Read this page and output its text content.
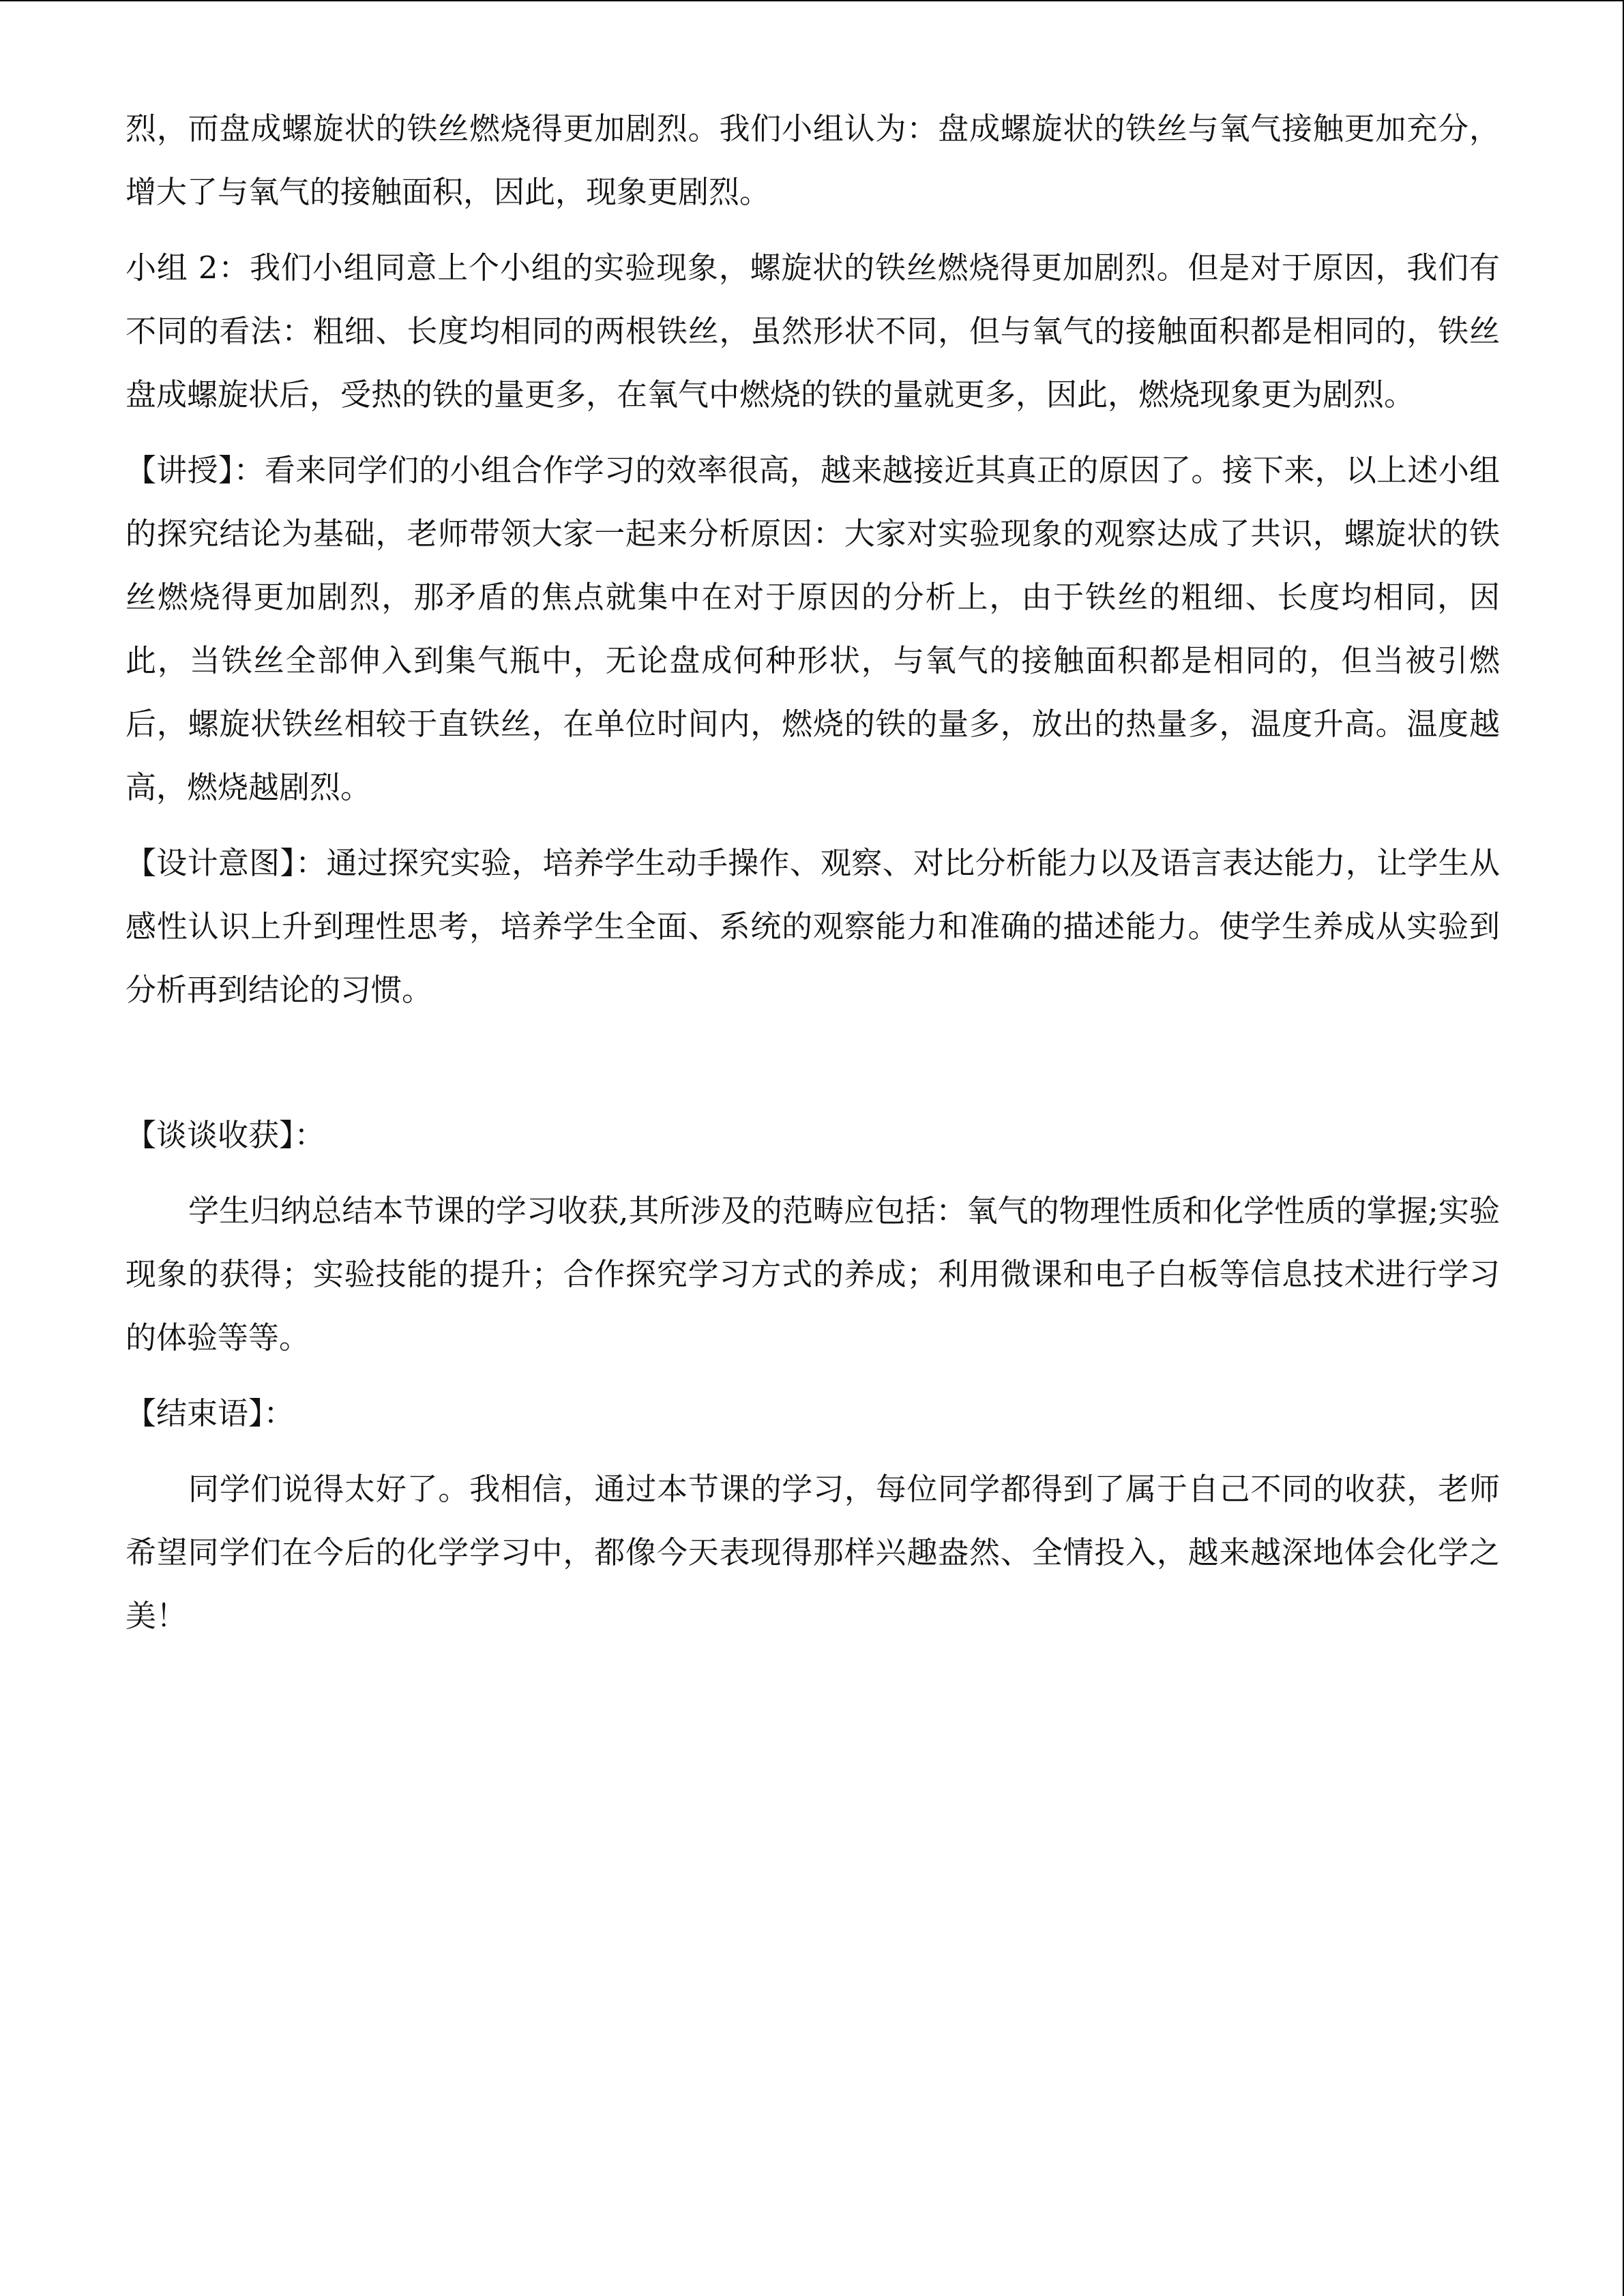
烈，而盘成螺旋状的铁丝燃烧得更加剧烈。我们小组认为：盘成螺旋状的铁丝与氧气接触更加充分，增大了与氧气的接触面积，因此，现象更剧烈。

小组 2：我们小组同意上个小组的实验现象，螺旋状的铁丝燃烧得更加剧烈。但是对于原因，我们有不同的看法：粗细、长度均相同的两根铁丝，虽然形状不同，但与氧气的接触面积都是相同的，铁丝盘成螺旋状后，受热的铁的量更多，在氧气中燃烧的铁的量就更多，因此，燃烧现象更为剧烈。

【讲授】：看来同学们的小组合作学习的效率很高，越来越接近其真正的原因了。接下来，以上述小组的探究结论为基础，老师带领大家一起来分析原因：大家对实验现象的观察达成了共识，螺旋状的铁丝燃烧得更加剧烈，那矛盾的焦点就集中在对于原因的分析上，由于铁丝的粗细、长度均相同，因此，当铁丝全部伸入到集气瓶中，无论盘成何种形状，与氧气的接触面积都是相同的，但当被引燃后，螺旋状铁丝相较于直铁丝，在单位时间内，燃烧的铁的量多，放出的热量多，温度升高。温度越高，燃烧越剧烈。

【设计意图】：通过探究实验，培养学生动手操作、观察、对比分析能力以及语言表达能力，让学生从感性认识上升到理性思考，培养学生全面、系统的观察能力和准确的描述能力。使学生养成从实验到分析再到结论的习惯。

【谈谈收获】：

学生归纳总结本节课的学习收获,其所涉及的范畴应包括：氧气的物理性质和化学性质的掌握;实验现象的获得；实验技能的提升；合作探究学习方式的养成；利用微课和电子白板等信息技术进行学习的体验等等。

【结束语】：

同学们说得太好了。我相信，通过本节课的学习，每位同学都得到了属于自己不同的收获，老师希望同学们在今后的化学学习中，都像今天表现得那样兴趣盎然、全情投入，越来越深地体会化学之美！
